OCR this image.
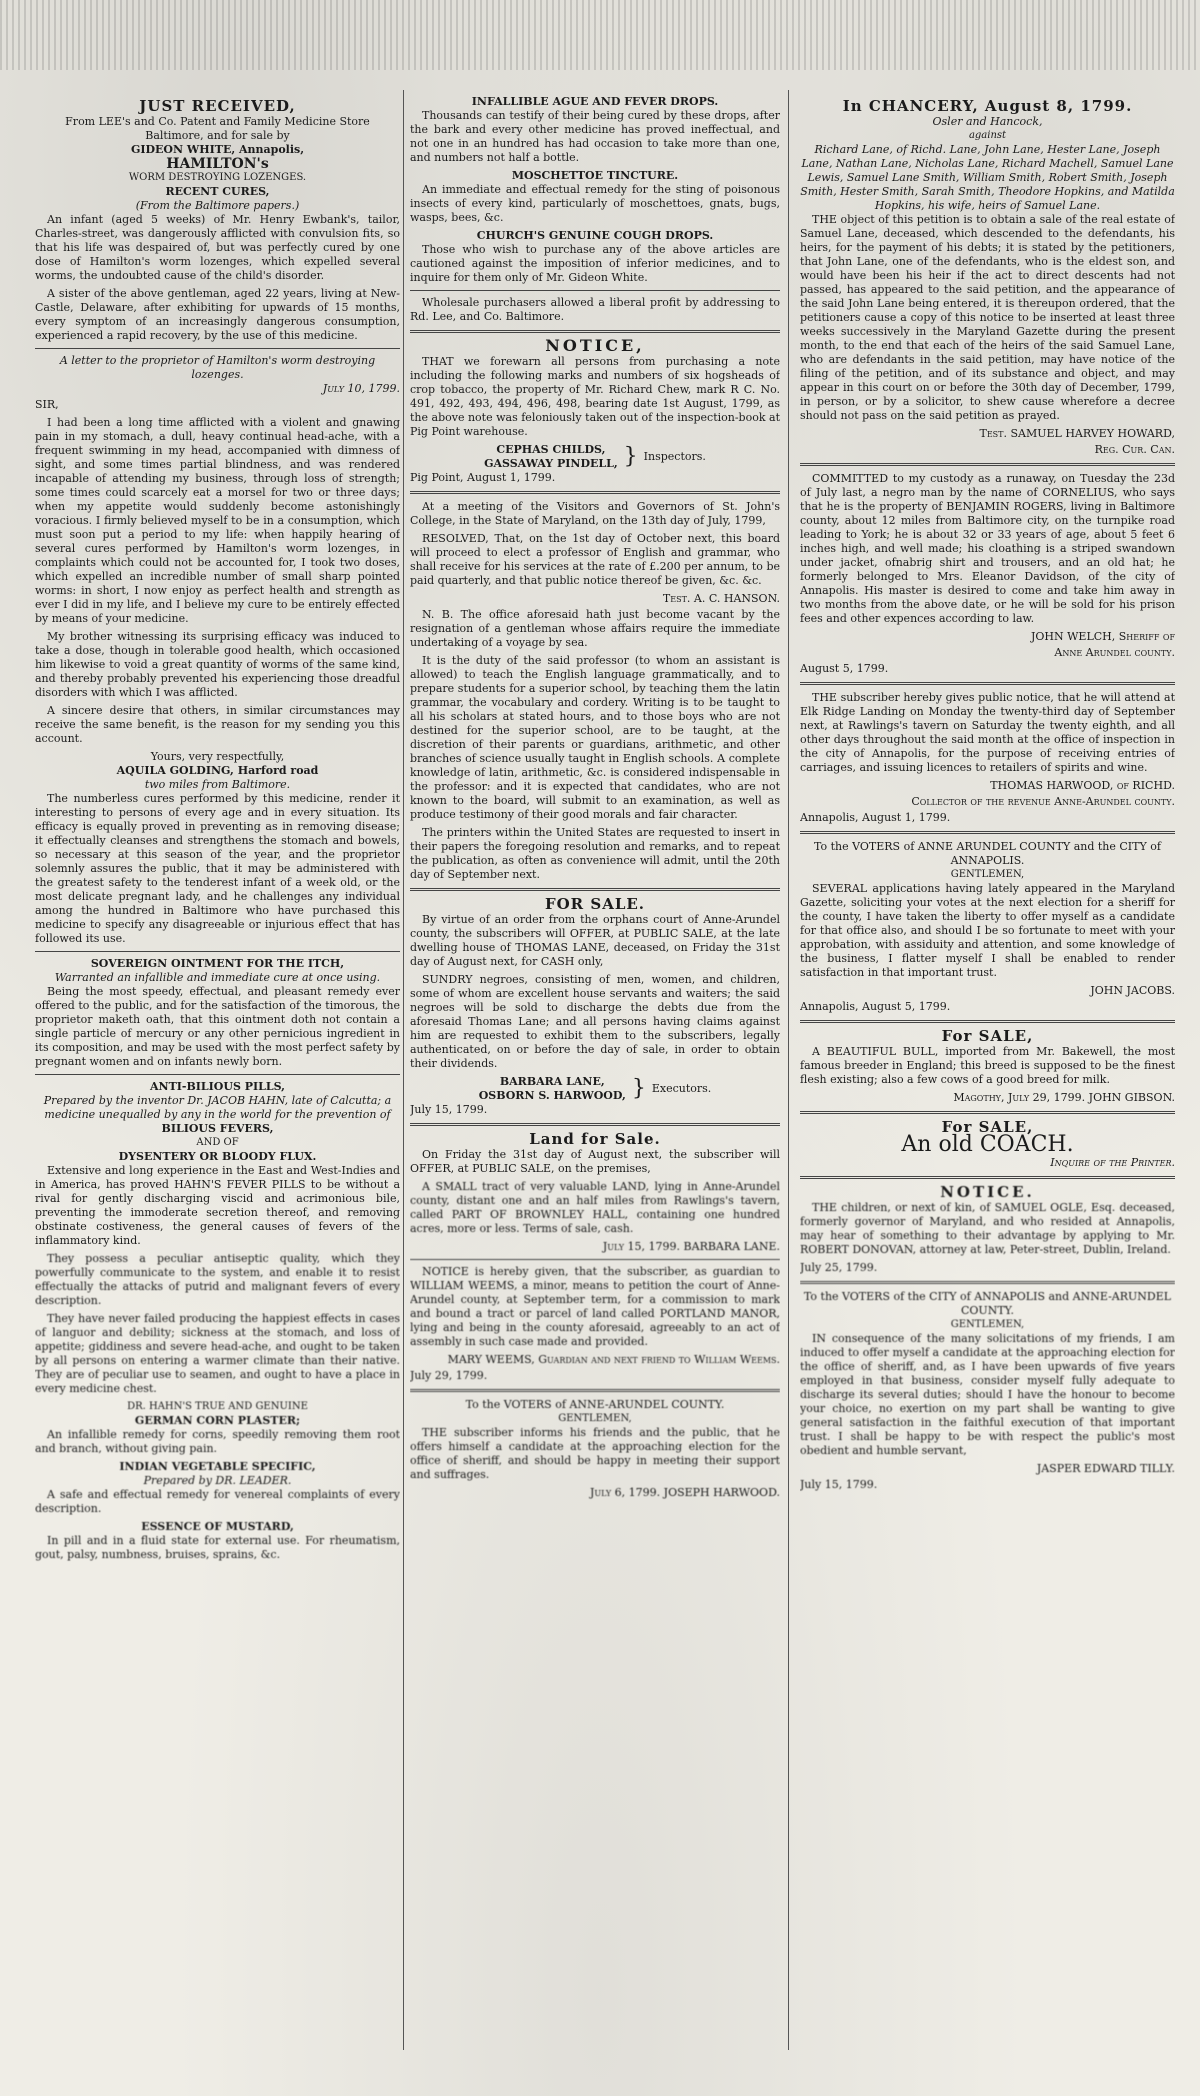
JUST RECEIVED,
From LEE's and Co. Patent and Family Medicine Store Baltimore, and for sale by
GIDEON WHITE, Annapolis,
HAMILTON's
WORM DESTROYING LOZENGES.
RECENT CURES,
(From the Baltimore papers.)

An infant (aged 5 weeks) of Mr. Henry Ewbank's, tailor, Charles-street, was dangerously afflicted with convulsion fits, so that his life was despaired of, but was perfectly cured by one dose of Hamilton's worm lozenges, which expelled several worms, the undoubted cause of the child's disorder.

A sister of the above gentleman, aged 22 years, living at New-Castle, Delaware, after exhibiting for upwards of 15 months, every symptom of an increasingly dangerous consumption, experienced a rapid recovery, by the use of this medicine.

A letter to the proprietor of Hamilton's worm destroying lozenges.
July 10, 1799.

SIR,

I had been a long time afflicted with a violent and gnawing pain in my stomach, a dull, heavy continual head-ache, with a frequent swimming in my head, accompanied with dimness of sight, and some times partial blindness, and was rendered incapable of attending my business, through loss of strength; some times could scarcely eat a morsel for two or three days; when my appetite would suddenly become astonishingly voracious. I firmly believed myself to be in a consumption, which must soon put a period to my life: when happily hearing of several cures performed by Hamilton's worm lozenges, in complaints which could not be accounted for, I took two doses, which expelled an incredible number of small sharp pointed worms: in short, I now enjoy as perfect health and strength as ever I did in my life, and I believe my cure to be entirely effected by means of your medicine.

My brother witnessing its surprising efficacy was induced to take a dose, though in tolerable good health, which occasioned him likewise to void a great quantity of worms of the same kind, and thereby probably prevented his experiencing those dreadful disorders with which I was afflicted.

A sincere desire that others, in similar circumstances may receive the same benefit, is the reason for my sending you this account.

Yours, very respectfully,
AQUILA GOLDING, Harford road
two miles from Baltimore.

The numberless cures performed by this medicine, render it interesting to persons of every age and in every situation. Its efficacy is equally proved in preventing as in removing disease; it effectually cleanses and strengthens the stomach and bowels, so necessary at this season of the year, and the proprietor solemnly assures the public, that it may be administered with the greatest safety to the tenderest infant of a week old, or the most delicate pregnant lady, and he challenges any individual among the hundred in Baltimore who have purchased this medicine to specify any disagreeable or injurious effect that has followed its use.

SOVEREIGN OINTMENT FOR THE ITCH,
Warranted an infallible and immediate cure at once using.

Being the most speedy, effectual, and pleasant remedy ever offered to the public, and for the satisfaction of the timorous, the proprietor maketh oath, that this ointment doth not contain a single particle of mercury or any other pernicious ingredient in its composition, and may be used with the most perfect safety by pregnant women and on infants newly born.

ANTI-BILIOUS PILLS,
Prepared by the inventor Dr. JACOB HAHN, late of Calcutta; a medicine unequalled by any in the world for the prevention of
BILIOUS FEVERS,
AND OF
DYSENTERY OR BLOODY FLUX.

Extensive and long experience in the East and West-Indies and in America, has proved HAHN'S FEVER PILLS to be without a rival for gently discharging viscid and acrimonious bile, preventing the immoderate secretion thereof, and removing obstinate costiveness, the general causes of fevers of the inflammatory kind.

They possess a peculiar antiseptic quality, which they powerfully communicate to the system, and enable it to resist effectually the attacks of putrid and malignant fevers of every description.

They have never failed producing the happiest effects in cases of languor and debility; sickness at the stomach, and loss of appetite; giddiness and severe head-ache, and ought to be taken by all persons on entering a warmer climate than their native. They are of peculiar use to seamen, and ought to have a place in every medicine chest.

DR. HAHN'S TRUE AND GENUINE
GERMAN CORN PLASTER;

An infallible remedy for corns, speedily removing them root and branch, without giving pain.

INDIAN VEGETABLE SPECIFIC,
Prepared by DR. LEADER.

A safe and effectual remedy for venereal complaints of every description.

ESSENCE OF MUSTARD,

In pill and in a fluid state for external use. For rheumatism, gout, palsy, numbness, bruises, sprains, &c.

INFALLIBLE AGUE AND FEVER DROPS.

Thousands can testify of their being cured by these drops, after the bark and every other medicine has proved ineffectual, and not one in an hundred has had occasion to take more than one, and numbers not half a bottle.

MOSCHETTOE TINCTURE.

An immediate and effectual remedy for the sting of poisonous insects of every kind, particularly of moschettoes, gnats, bugs, wasps, bees, &c.

CHURCH'S GENUINE COUGH DROPS.

Those who wish to purchase any of the above articles are cautioned against the imposition of inferior medicines, and to inquire for them only of Mr. Gideon White.

Wholesale purchasers allowed a liberal profit by addressing to Rd. Lee, and Co. Baltimore.

NOTICE,

THAT we forewarn all persons from purchasing a note including the following marks and numbers of six hogsheads of crop tobacco, the property of Mr. Richard Chew, mark R C. No. 491, 492, 493, 494, 496, 498, bearing date 1st August, 1799, as the above note was feloniously taken out of the inspection-book at Pig Point warehouse.

CEPHAS CHILDS,
GASSAWAY PINDELL, } Inspectors.

Pig Point, August 1, 1799.

At a meeting of the Visitors and Governors of St. John's College, in the State of Maryland, on the 13th day of July, 1799,

RESOLVED, That, on the 1st day of October next, this board will proceed to elect a professor of English and grammar, who shall receive for his services at the rate of £.200 per annum, to be paid quarterly, and that public notice thereof be given, &c. &c.

Test. A. C. HANSON.

N. B. The office aforesaid hath just become vacant by the resignation of a gentleman whose affairs require the immediate undertaking of a voyage by sea.

It is the duty of the said professor (to whom an assistant is allowed) to teach the English language grammatically, and to prepare students for a superior school, by teaching them the latin grammar, the vocabulary and cordery. Writing is to be taught to all his scholars at stated hours, and to those boys who are not destined for the superior school, are to be taught, at the discretion of their parents or guardians, arithmetic, and other branches of science usually taught in English schools. A complete knowledge of latin, arithmetic, &c. is considered indispensable in the professor: and it is expected that candidates, who are not known to the board, will submit to an examination, as well as produce testimony of their good morals and fair character.

The printers within the United States are requested to insert in their papers the foregoing resolution and remarks, and to repeat the publication, as often as convenience will admit, until the 20th day of September next.

FOR SALE.

By virtue of an order from the orphans court of Anne-Arundel county, the subscribers will OFFER, at PUBLIC SALE, at the late dwelling house of THOMAS LANE, deceased, on Friday the 31st day of August next, for CASH only,

SUNDRY negroes, consisting of men, women, and children, some of whom are excellent house servants and waiters; the said negroes will be sold to discharge the debts due from the aforesaid Thomas Lane; and all persons having claims against him are requested to exhibit them to the subscribers, legally authenticated, on or before the day of sale, in order to obtain their dividends.

BARBARA LANE,
OSBORN S. HARWOOD, } Executors.

July 15, 1799.

Land for Sale.

On Friday the 31st day of August next, the subscriber will OFFER, at PUBLIC SALE, on the premises,

A SMALL tract of very valuable LAND, lying in Anne-Arundel county, distant one and an half miles from Rawlings's tavern, called PART OF BROWNLEY HALL, containing one hundred acres, more or less. Terms of sale, cash.

July 15, 1799. BARBARA LANE.

NOTICE is hereby given, that the subscriber, as guardian to WILLIAM WEEMS, a minor, means to petition the court of Anne-Arundel county, at September term, for a commission to mark and bound a tract or parcel of land called PORTLAND MANOR, lying and being in the county aforesaid, agreeably to an act of assembly in such case made and provided.

MARY WEEMS, Guardian and next friend to William Weems.

July 29, 1799.

To the VOTERS of ANNE-ARUNDEL COUNTY.
GENTLEMEN,

THE subscriber informs his friends and the public, that he offers himself a candidate at the approaching election for the office of sheriff, and should be happy in meeting their support and suffrages.

July 6, 1799. JOSEPH HARWOOD.
In CHANCERY, August 8, 1799.
Osler and Hancock,
against
Richard Lane, of Richd. Lane, John Lane, Hester Lane, Joseph Lane, Nathan Lane, Nicholas Lane, Richard Machell, Samuel Lane Lewis, Samuel Lane Smith, William Smith, Robert Smith, Joseph Smith, Hester Smith, Sarah Smith, Theodore Hopkins, and Matilda Hopkins, his wife, heirs of Samuel Lane.

THE object of this petition is to obtain a sale of the real estate of Samuel Lane, deceased, which descended to the defendants, his heirs, for the payment of his debts; it is stated by the petitioners, that John Lane, one of the defendants, who is the eldest son, and would have been his heir if the act to direct descents had not passed, has appeared to the said petition, and the appearance of the said John Lane being entered, it is thereupon ordered, that the petitioners cause a copy of this notice to be inserted at least three weeks successively in the Maryland Gazette during the present month, to the end that each of the heirs of the said Samuel Lane, who are defendants in the said petition, may have notice of the filing of the petition, and of its substance and object, and may appear in this court on or before the 30th day of December, 1799, in person, or by a solicitor, to shew cause wherefore a decree should not pass on the said petition as prayed.

Test. SAMUEL HARVEY HOWARD,
Reg. Cur. Can.

COMMITTED to my custody as a runaway, on Tuesday the 23d of July last, a negro man by the name of CORNELIUS, who says that he is the property of BENJAMIN ROGERS, living in Baltimore county, about 12 miles from Baltimore city, on the turnpike road leading to York; he is about 32 or 33 years of age, about 5 feet 6 inches high, and well made; his cloathing is a striped swandown under jacket, ofnabrig shirt and trousers, and an old hat; he formerly belonged to Mrs. Eleanor Davidson, of the city of Annapolis. His master is desired to come and take him away in two months from the above date, or he will be sold for his prison fees and other expences according to law.

JOHN WELCH, Sheriff of
Anne Arundel county.

August 5, 1799.

THE subscriber hereby gives public notice, that he will attend at Elk Ridge Landing on Monday the twenty-third day of September next, at Rawlings's tavern on Saturday the twenty eighth, and all other days throughout the said month at the office of inspection in the city of Annapolis, for the purpose of receiving entries of carriages, and issuing licences to retailers of spirits and wine.

THOMAS HARWOOD, of RICHD.
Collector of the revenue Anne-Arundel county.

Annapolis, August 1, 1799.

To the VOTERS of ANNE ARUNDEL COUNTY and the CITY of ANNAPOLIS.
GENTLEMEN,

SEVERAL applications having lately appeared in the Maryland Gazette, soliciting your votes at the next election for a sheriff for the county, I have taken the liberty to offer myself as a candidate for that office also, and should I be so fortunate to meet with your approbation, with assiduity and attention, and some knowledge of the business, I flatter myself I shall be enabled to render satisfaction in that important trust.

JOHN JACOBS.

Annapolis, August 5, 1799.

For SALE,

A BEAUTIFUL BULL, imported from Mr. Bakewell, the most famous breeder in England; this breed is supposed to be the finest flesh existing; also a few cows of a good breed for milk.

Magothy, July 29, 1799. JOHN GIBSON.
For SALE,
An old COACH.
Inquire of the Printer.
NOTICE.

THE children, or next of kin, of SAMUEL OGLE, Esq. deceased, formerly governor of Maryland, and who resided at Annapolis, may hear of something to their advantage by applying to Mr. ROBERT DONOVAN, attorney at law, Peter-street, Dublin, Ireland.

July 25, 1799.

To the VOTERS of the CITY of ANNAPOLIS and ANNE-ARUNDEL COUNTY.
GENTLEMEN,

IN consequence of the many solicitations of my friends, I am induced to offer myself a candidate at the approaching election for the office of sheriff, and, as I have been upwards of five years employed in that business, consider myself fully adequate to discharge its several duties; should I have the honour to become your choice, no exertion on my part shall be wanting to give general satisfaction in the faithful execution of that important trust. I shall be happy to be with respect the public's most obedient and humble servant,

JASPER EDWARD TILLY.

July 15, 1799.
